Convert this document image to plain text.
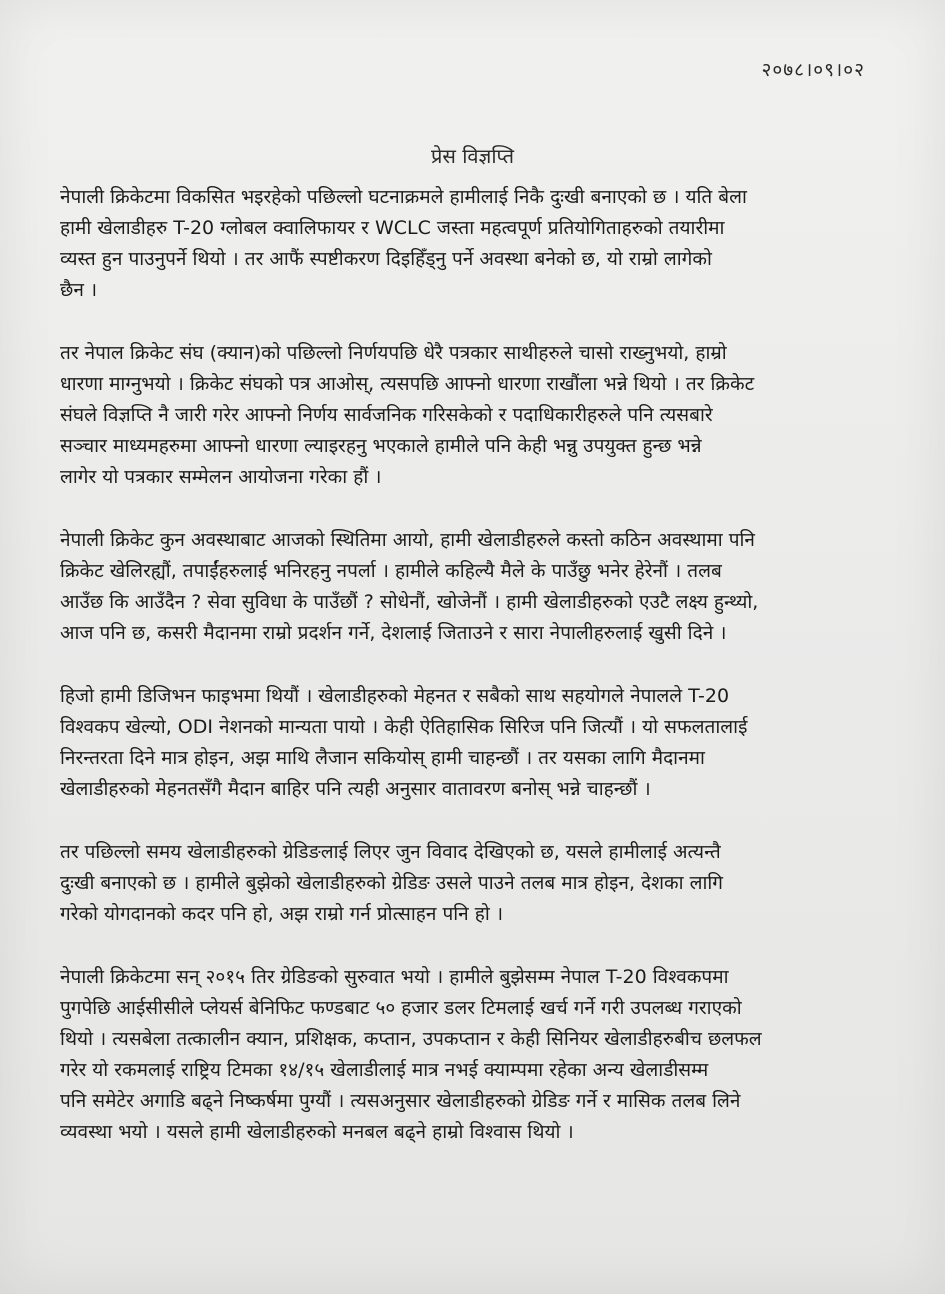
२०७८।०९।०२
प्रेस विज्ञप्ति

नेपाली क्रिकेटमा विकसित भइरहेको पछिल्लो घटनाक्रमले हामीलाई निकै दुःखी बनाएको छ । यति बेला
हामी खेलाडीहरु T-20 ग्लोबल क्वालिफायर र WCLC जस्ता महत्वपूर्ण प्रतियोगिताहरुको तयारीमा
व्यस्त हुन पाउनुपर्ने थियो । तर आफैं स्पष्टीकरण दिइहिँड्नु पर्ने अवस्था बनेको छ, यो राम्रो लागेको
छैन ।

तर नेपाल क्रिकेट संघ (क्यान)को पछिल्लो निर्णयपछि धेरै पत्रकार साथीहरुले चासो राख्नुभयो, हाम्रो
धारणा माग्नुभयो । क्रिकेट संघको पत्र आओस्, त्यसपछि आफ्नो धारणा राखौंला भन्ने थियो । तर क्रिकेट
संघले विज्ञप्ति नै जारी गरेर आफ्नो निर्णय सार्वजनिक गरिसकेको र पदाधिकारीहरुले पनि त्यसबारे
सञ्चार माध्यमहरुमा आफ्नो धारणा ल्याइरहनु भएकाले हामीले पनि केही भन्नु उपयुक्त हुन्छ भन्ने
लागेर यो पत्रकार सम्मेलन आयोजना गरेका हौं ।

नेपाली क्रिकेट कुन अवस्थाबाट आजको स्थितिमा आयो, हामी खेलाडीहरुले कस्तो कठिन अवस्थामा पनि
क्रिकेट खेलिरह्यौं, तपाईंहरुलाई भनिरहनु नपर्ला । हामीले कहिल्यै मैले के पाउँछु भनेर हेरेनौं । तलब
आउँछ कि आउँदैन ? सेवा सुविधा के पाउँछौं ? सोधेनौं, खोजेनौं । हामी खेलाडीहरुको एउटै लक्ष्य हुन्थ्यो,
आज पनि छ, कसरी मैदानमा राम्रो प्रदर्शन गर्ने, देशलाई जिताउने र सारा नेपालीहरुलाई खुसी दिने ।

हिजो हामी डिजिभन फाइभमा थियौं । खेलाडीहरुको मेहनत र सबैको साथ सहयोगले नेपालले T-20
विश्वकप खेल्यो, ODI नेशनको मान्यता पायो । केही ऐतिहासिक सिरिज पनि जित्यौं । यो सफलतालाई
निरन्तरता दिने मात्र होइन, अझ माथि लैजान सकियोस् हामी चाहन्छौं । तर यसका लागि मैदानमा
खेलाडीहरुको मेहनतसँगै मैदान बाहिर पनि त्यही अनुसार वातावरण बनोस् भन्ने चाहन्छौं ।

तर पछिल्लो समय खेलाडीहरुको ग्रेडिङलाई लिएर जुन विवाद देखिएको छ, यसले हामीलाई अत्यन्तै
दुःखी बनाएको छ । हामीले बुझेको खेलाडीहरुको ग्रेडिङ उसले पाउने तलब मात्र होइन, देशका लागि
गरेको योगदानको कदर पनि हो, अझ राम्रो गर्न प्रोत्साहन पनि हो ।

नेपाली क्रिकेटमा सन् २०१५ तिर ग्रेडिङको सुरुवात भयो । हामीले बुझेसम्म नेपाल T-20 विश्वकपमा
पुगपेछि आईसीसीले प्लेयर्स बेनिफिट फण्डबाट ५० हजार डलर टिमलाई खर्च गर्ने गरी उपलब्ध गराएको
थियो । त्यसबेला तत्कालीन क्यान, प्रशिक्षक, कप्तान, उपकप्तान र केही सिनियर खेलाडीहरुबीच छलफल
गरेर यो रकमलाई राष्ट्रिय टिमका १४/१५ खेलाडीलाई मात्र नभई क्याम्पमा रहेका अन्य खेलाडीसम्म
पनि समेटेर अगाडि बढ्ने निष्कर्षमा पुग्यौं । त्यसअनुसार खेलाडीहरुको ग्रेडिङ गर्ने र मासिक तलब लिने
व्यवस्था भयो । यसले हामी खेलाडीहरुको मनबल बढ्ने हाम्रो विश्वास थियो ।
